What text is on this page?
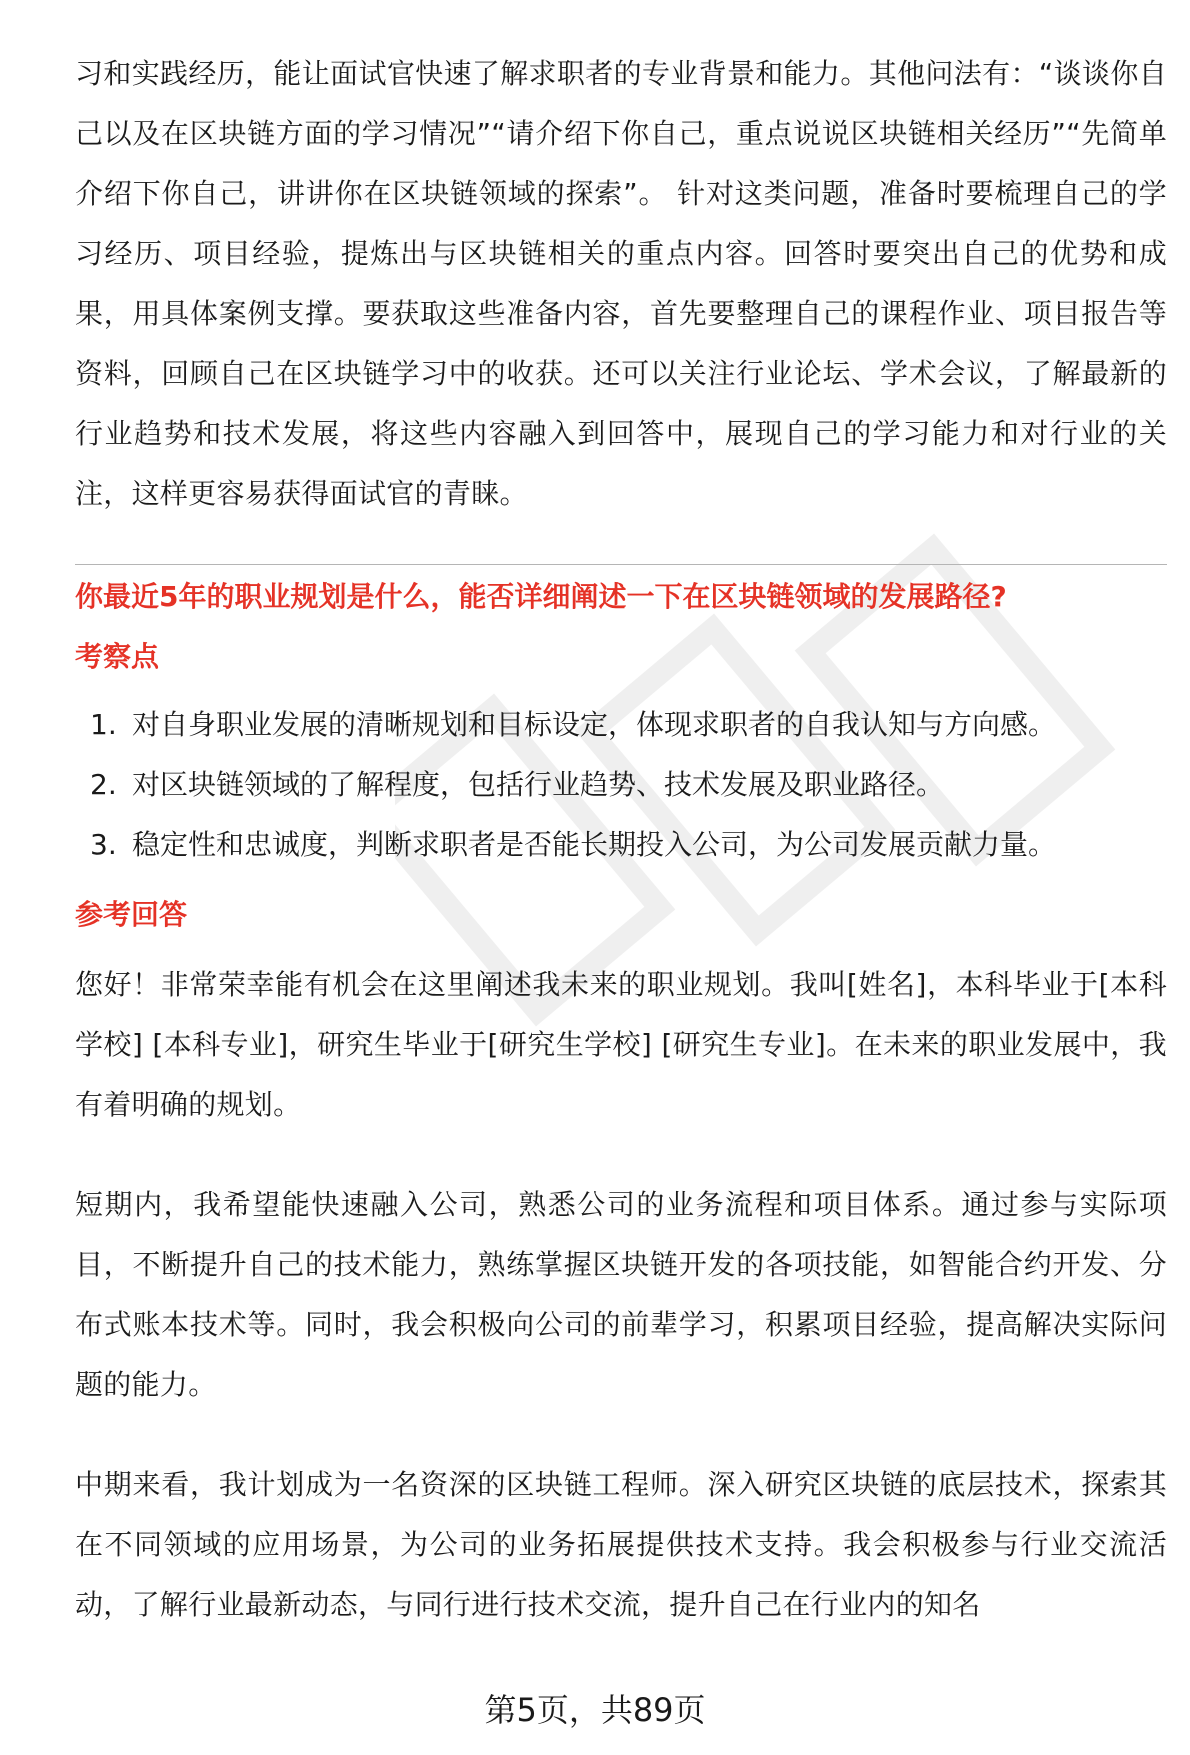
习和实践经历，能让面试官快速了解求职者的专业背景和能力。其他问法有：“谈谈你自己以及在区块链方面的学习情况”“请介绍下你自己，重点说说区块链相关经历”“先简单介绍下你自己，讲讲你在区块链领域的探索”。 针对这类问题，准备时要梳理自己的学习经历、项目经验，提炼出与区块链相关的重点内容。回答时要突出自己的优势和成果，用具体案例支撑。要获取这些准备内容，首先要整理自己的课程作业、项目报告等资料，回顾自己在区块链学习中的收获。还可以关注行业论坛、学术会议，了解最新的行业趋势和技术发展，将这些内容融入到回答中，展现自己的学习能力和对行业的关注，这样更容易获得面试官的青睐。

你最近5年的职业规划是什么，能否详细阐述一下在区块链领域的发展路径?

考察点

1. 对自身职业发展的清晰规划和目标设定，体现求职者的自我认知与方向感。
2. 对区块链领域的了解程度，包括行业趋势、技术发展及职业路径。
3. 稳定性和忠诚度，判断求职者是否能长期投入公司，为公司发展贡献力量。

参考回答

您好！非常荣幸能有机会在这里阐述我未来的职业规划。我叫[姓名]，本科毕业于[本科学校] [本科专业]，研究生毕业于[研究生学校] [研究生专业]。在未来的职业发展中，我有着明确的规划。

短期内，我希望能快速融入公司，熟悉公司的业务流程和项目体系。通过参与实际项目，不断提升自己的技术能力，熟练掌握区块链开发的各项技能，如智能合约开发、分布式账本技术等。同时，我会积极向公司的前辈学习，积累项目经验，提高解决实际问题的能力。

中期来看，我计划成为一名资深的区块链工程师。深入研究区块链的底层技术，探索其在不同领域的应用场景，为公司的业务拓展提供技术支持。我会积极参与行业交流活动，了解行业最新动态，与同行进行技术交流，提升自己在行业内的知名

第5页，共89页
